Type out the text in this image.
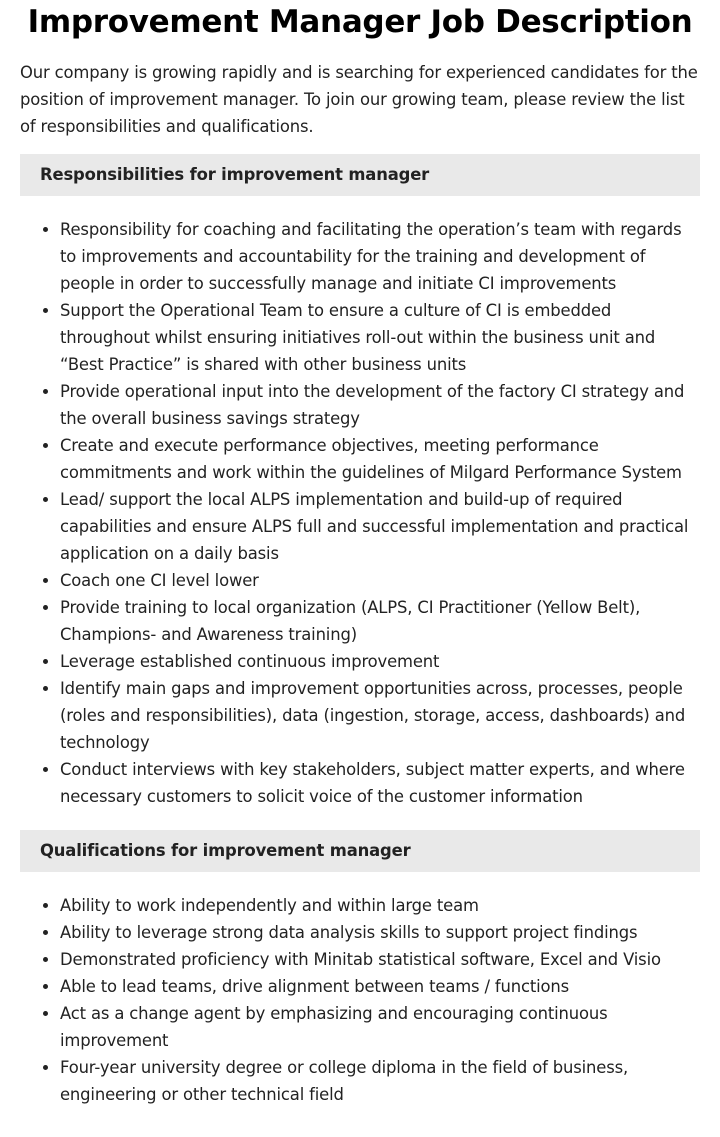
Improvement Manager Job Description

Our company is growing rapidly and is searching for experienced candidates for the position of improvement manager. To join our growing team, please review the list of responsibilities and qualifications.

Responsibilities for improvement manager
Responsibility for coaching and facilitating the operation’s team with regards to improvements and accountability for the training and development of people in order to successfully manage and initiate CI improvements
Support the Operational Team to ensure a culture of CI is embedded throughout whilst ensuring initiatives roll-out within the business unit and “Best Practice” is shared with other business units
Provide operational input into the development of the factory CI strategy and the overall business savings strategy
Create and execute performance objectives, meeting performance commitments and work within the guidelines of Milgard Performance System
Lead/ support the local ALPS implementation and build-up of required capabilities and ensure ALPS full and successful implementation and practical application on a daily basis
Coach one CI level lower
Provide training to local organization (ALPS, CI Practitioner (Yellow Belt), Champions- and Awareness training)
Leverage established continuous improvement
Identify main gaps and improvement opportunities across, processes, people (roles and responsibilities), data (ingestion, storage, access, dashboards) and technology
Conduct interviews with key stakeholders, subject matter experts, and where necessary customers to solicit voice of the customer information
Qualifications for improvement manager
Ability to work independently and within large team
Ability to leverage strong data analysis skills to support project findings
Demonstrated proficiency with Minitab statistical software, Excel and Visio
Able to lead teams, drive alignment between teams / functions
Act as a change agent by emphasizing and encouraging continuous improvement
Four-year university degree or college diploma in the field of business, engineering or other technical field
